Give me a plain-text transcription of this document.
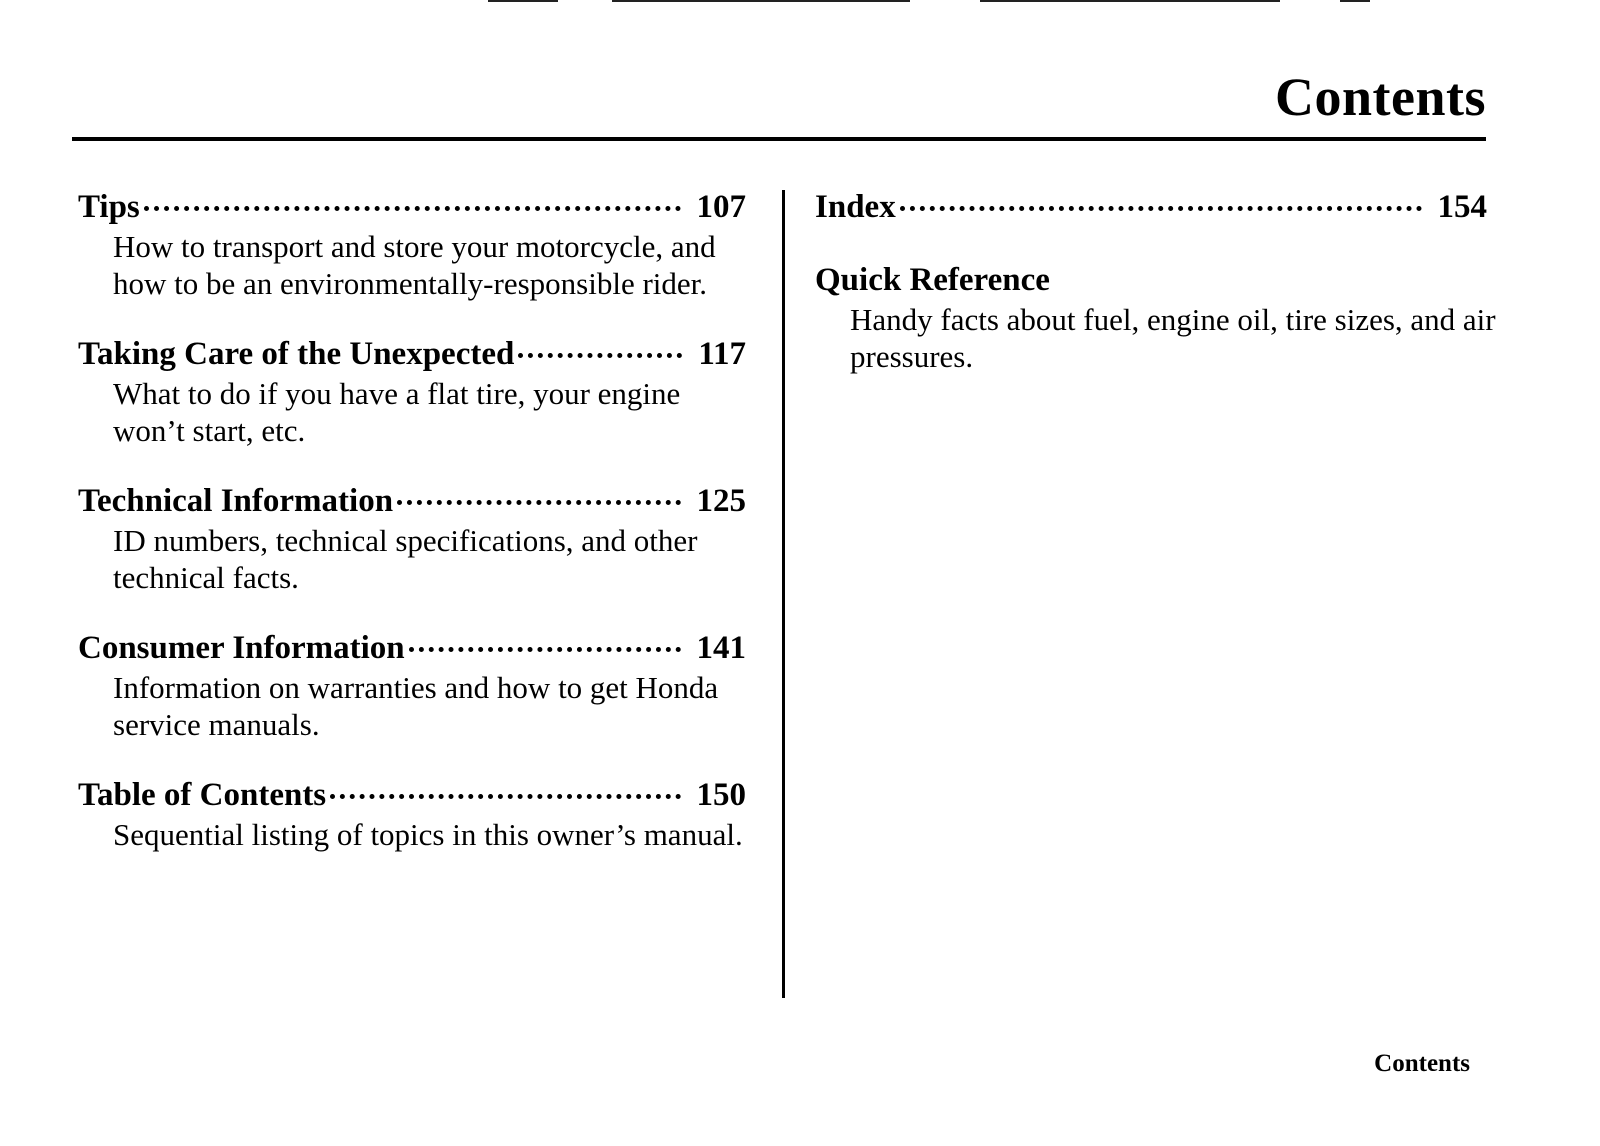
Contents
Tips	107
How to transport and store your motorcycle, and how to be an environmentally-responsible rider.
Taking Care of the Unexpected	117
What to do if you have a flat tire, your engine won’t start, etc.
Technical Information	125
ID numbers, technical specifications, and other technical facts.
Consumer Information	141
Information on warranties and how to get Honda service manuals.
Table of Contents	150
Sequential listing of topics in this owner’s manual.
Index	154
Quick Reference
Handy facts about fuel, engine oil, tire sizes, and air pressures.
Contents
